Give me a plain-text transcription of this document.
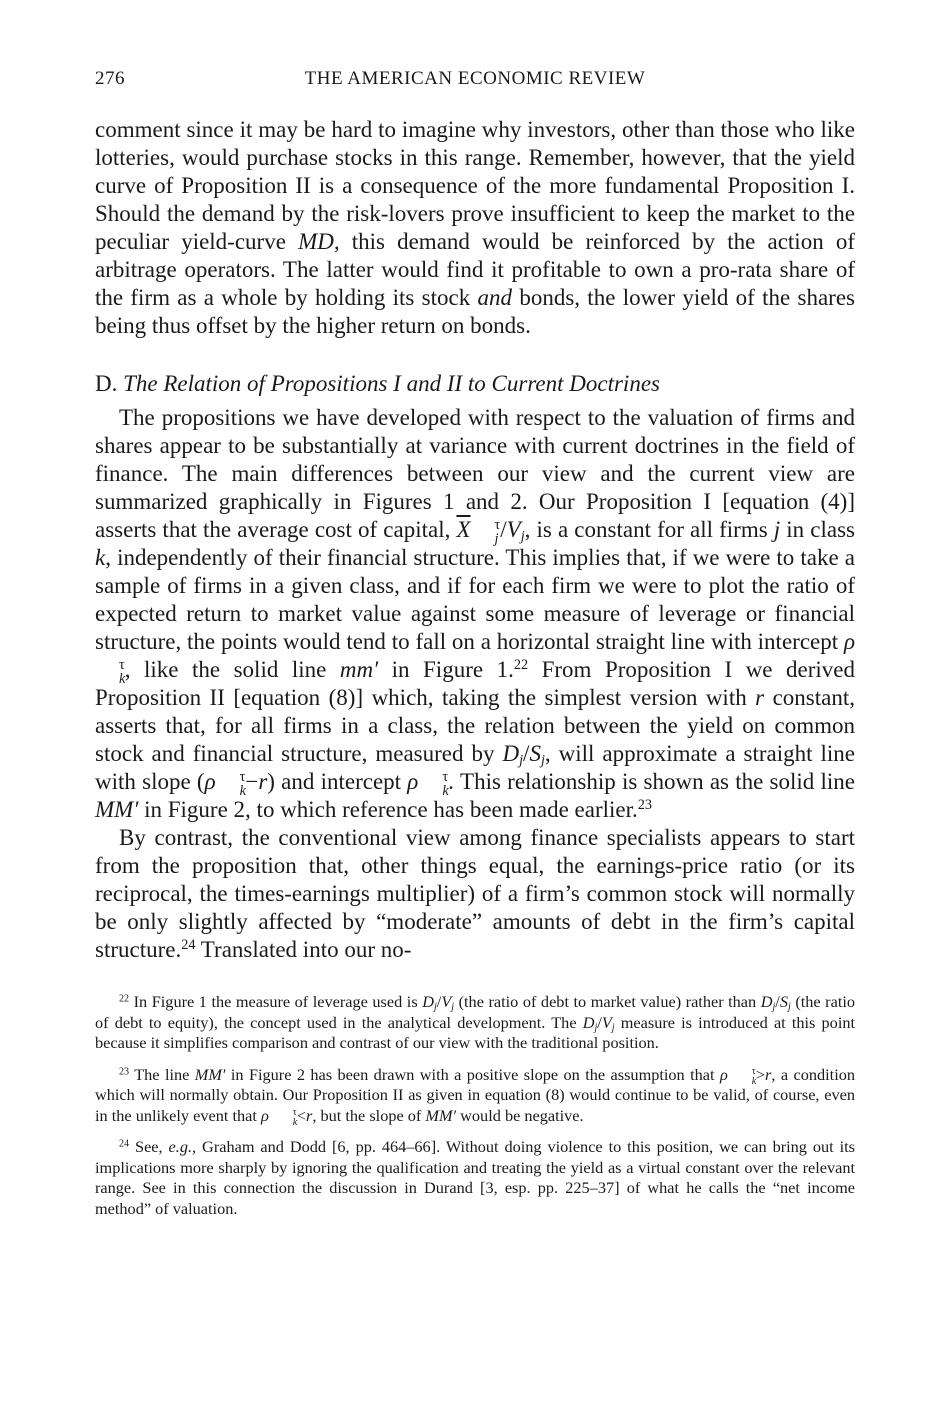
276	THE AMERICAN ECONOMIC REVIEW

comment since it may be hard to imagine why investors, other than those who like lotteries, would purchase stocks in this range. Remember, however, that the yield curve of Proposition II is a consequence of the more fundamental Proposition I. Should the demand by the risk-lovers prove insufficient to keep the market to the peculiar yield-curve MD, this demand would be reinforced by the action of arbitrage operators. The latter would find it profitable to own a pro-rata share of the firm as a whole by holding its stock and bonds, the lower yield of the shares being thus offset by the higher return on bonds.

D. The Relation of Propositions I and II to Current Doctrines

The propositions we have developed with respect to the valuation of firms and shares appear to be substantially at variance with current doctrines in the field of finance. The main differences between our view and the current view are summarized graphically in Figures 1 and 2. Our Proposition I [equation (4)] asserts that the average cost of capital, $\overline{X}$ τ
j $/V_j$, is a constant for all firms j in class k, independently of their financial structure. This implies that, if we were to take a sample of firms in a given class, and if for each firm we were to plot the ratio of expected return to market value against some measure of leverage or financial structure, the points would tend to fall on a horizontal straight line with intercept ρτ
k , like the solid line mm′ in Figure 1.22 From Proposition I we derived Proposition II [equation (8)] which, taking the simplest version with r constant, asserts that, for all firms in a class, the relation between the yield on common stock and financial structure, measured by $D_j/S_j$, will approximate a straight line with slope (ρ τ
k −r) and intercept ρ τ
k . This relationship is shown as the solid line MM′ in Figure 2, to which reference has been made earlier.$^{23}$

By contrast, the conventional view among finance specialists appears to start from the proposition that, other things equal, the earnings-price ratio (or its reciprocal, the times-earnings multiplier) of a firm’s common stock will normally be only slightly affected by “moderate” amounts of debt in the firm’s capital structure.$^{24}$ Translated into our no-

$^{22}$ In Figure 1 the measure of leverage used is $D_j/V_j$ (the ratio of debt to market value) rather than $D_j/S_j$ (the ratio of debt to equity), the concept used in the analytical development. The $D_j/V_j$ measure is introduced at this point because it simplifies comparison and contrast of our view with the traditional position.

$^{23}$ The line MM′ in Figure 2 has been drawn with a positive slope on the assumption that ρ τ
k >r, a condition which will normally obtain. Our Proposition II as given in equation (8) would continue to be valid, of course, even in the unlikely event that ρ τ
k <r, but the slope of MM′ would be negative.

$^{24}$ See, e.g., Graham and Dodd [6, pp. 464–66]. Without doing violence to this position, we can bring out its implications more sharply by ignoring the qualification and treating the yield as a virtual constant over the relevant range. See in this connection the discussion in Durand [3, esp. pp. 225–37] of what he calls the “net income method” of valuation.
